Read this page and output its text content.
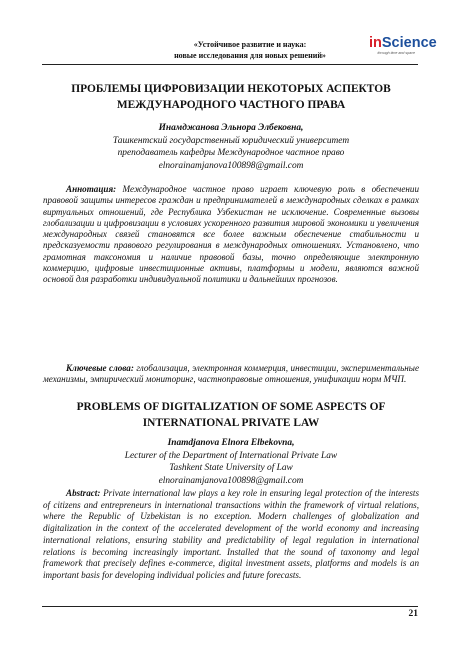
«Устойчивое развитие и наука:
новые исследования для новых решений»
inScience
through time and space
ПРОБЛЕМЫ ЦИФРОВИЗАЦИИ НЕКОТОРЫХ АСПЕКТОВ
МЕЖДУНАРОДНОГО ЧАСТНОГО ПРАВА
Инамджанова Эльнора Элбековна,
Ташкентский государственный юридический университет
преподаватель кафедры Международное частное право
elnorainamjanova100898@gmail.com
Аннотация: Международное частное право играет ключевую роль в обеспечении правовой защиты интересов граждан и предпринимателей в международных сделках в рамках виртуальных отношений, где Республика Узбекистан не исключение. Современные вызовы глобализации и цифровизации в условиях ускоренного развития мировой экономики и увеличения международных связей становятся все более важным обеспечение стабильности и предсказуемости правового регулирования в международных отношениях. Установлено, что грамотная таксономия и наличие правовой базы, точно определяющие электронную коммерцию, цифровые инвестиционные активы, платформы и модели, являются важной основой для разработки индивидуальной политики и дальнейших прогнозов.
Ключевые слова: глобализация, электронная коммерция, инвестиции, экспериментальные механизмы, эмпирический мониторинг, частноправовые отношения, унификации норм МЧП.
PROBLEMS OF DIGITALIZATION OF SOME ASPECTS OF
INTERNATIONAL PRIVATE LAW
Inamdjanova Elnora Elbekovna,
Lecturer of the Department of International Private Law
Tashkent State University of Law
elnorainamjanova100898@gmail.com
Abstract: Private international law plays a key role in ensuring legal protection of the interests of citizens and entrepreneurs in international transactions within the framework of virtual relations, where the Republic of Uzbekistan is no exception. Modern challenges of globalization and digitalization in the context of the accelerated development of the world economy and increasing international relations, ensuring stability and predictability of legal regulation in international relations is becoming increasingly important. Installed that the sound of taxonomy and legal framework that precisely defines e-commerce, digital investment assets, platforms and models is an important basis for developing individual policies and future forecasts.
21
